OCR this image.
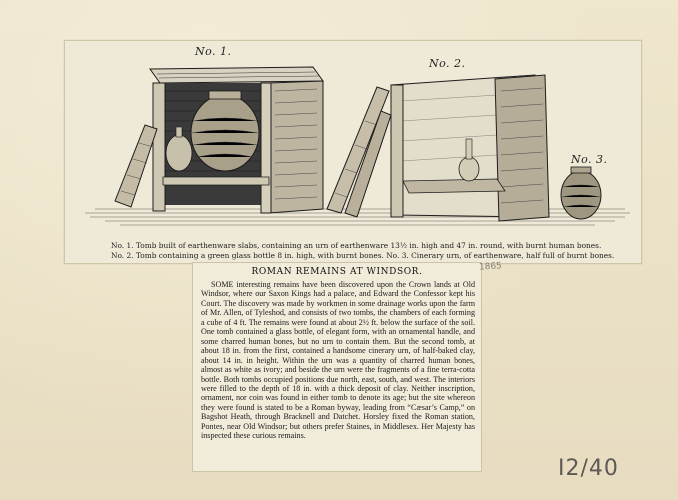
No. 1.
No. 2.
No. 3.
No. 1. Tomb built of earthenware slabs, containing an urn of earthenware 13½ in. high and 47 in. round, with burnt human bones.
No. 2. Tomb containing a green glass bottle 8 in. high, with burnt bones. No. 3. Cinerary urn, of earthenware, half full of burnt bones.
ROMAN REMAINS AT WINDSOR.

SOME interesting remains have been discovered upon the Crown lands at Old Windsor, where our Saxon Kings had a palace, and Edward the Confessor kept his Court. The discovery was made by workmen in some drainage works upon the farm of Mr. Allen, of Tyleshod, and consists of two tombs, the chambers of each forming a cube of 4 ft. The remains were found at about 2½ ft. below the surface of the soil. One tomb contained a glass bottle, of elegant form, with an ornamental handle, and some charred human bones, but no urn to contain them. But the second tomb, at about 18 in. from the first, contained a handsome cinerary urn, of half-baked clay, about 14 in. in height. Within the urn was a quantity of charred human bones, almost as white as ivory; and beside the urn were the fragments of a fine terra-cotta bottle. Both tombs occupied positions due north, east, south, and west. The interiors were filled to the depth of 18 in. with a thick deposit of clay. Neither inscription, ornament, nor coin was found in either tomb to denote its age; but the site whereon they were found is stated to be a Roman byway, leading from “Cæsar’s Camp,” on Bagshot Heath, through Bracknell and Datchet. Horsley fixed the Roman station, Pontes, near Old Windsor; but others prefer Staines, in Middlesex. Her Majesty has inspected these curious remains.

1865
I2/40
